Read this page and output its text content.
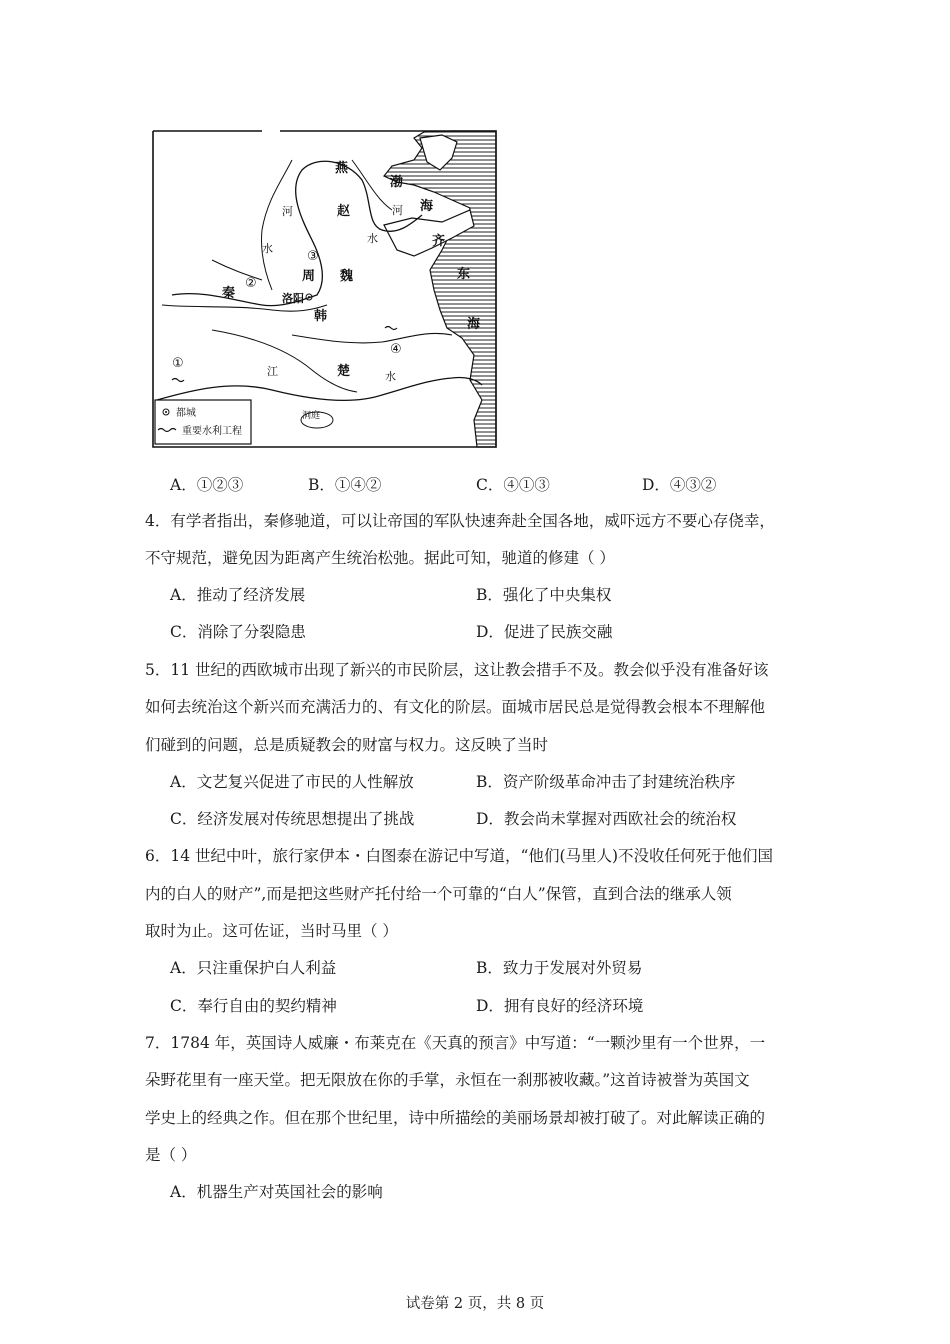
燕
渤
海
赵
齐
东
海
秦
周 魏
洛阳
韩
楚
江	水
水
水
河	河
洞庭
①
②
③
④
都城
重要水利工程
A．①②③	B．①④②	C．④①③	D．④③②
4．有学者指出，秦修驰道，可以让帝国的军队快速奔赴全国各地，威吓远方不要心存侥幸，
不守规范，避免因为距离产生统治松弛。据此可知，驰道的修建（ ）
A．推动了经济发展	B．强化了中央集权
C．消除了分裂隐患	D．促进了民族交融
5．11 世纪的西欧城市出现了新兴的市民阶层，这让教会措手不及。教会似乎没有准备好该
如何去统治这个新兴而充满活力的、有文化的阶层。面城市居民总是觉得教会根本不理解他
们碰到的问题，总是质疑教会的财富与权力。这反映了当时
A．文艺复兴促进了市民的人性解放	B．资产阶级革命冲击了封建统治秩序
C．经济发展对传统思想提出了挑战	D．教会尚未掌握对西欧社会的统治权
6．14 世纪中叶，旅行家伊本・白图泰在游记中写道，“他们(马里人)不没收任何死于他们国
内的白人的财产”,而是把这些财产托付给一个可靠的“白人”保管，直到合法的继承人领
取时为止。这可佐证，当时马里（ ）
A．只注重保护白人利益	B．致力于发展对外贸易
C．奉行自由的契约精神	D．拥有良好的经济环境
7．1784 年，英国诗人威廉・布莱克在《天真的预言》中写道：“一颗沙里有一个世界，一
朵野花里有一座天堂。把无限放在你的手掌，永恒在一刹那被收藏。”这首诗被誉为英国文
学史上的经典之作。但在那个世纪里，诗中所描绘的美丽场景却被打破了。对此解读正确的
是（ ）
A．机器生产对英国社会的影响
试卷第 2 页，共 8 页
